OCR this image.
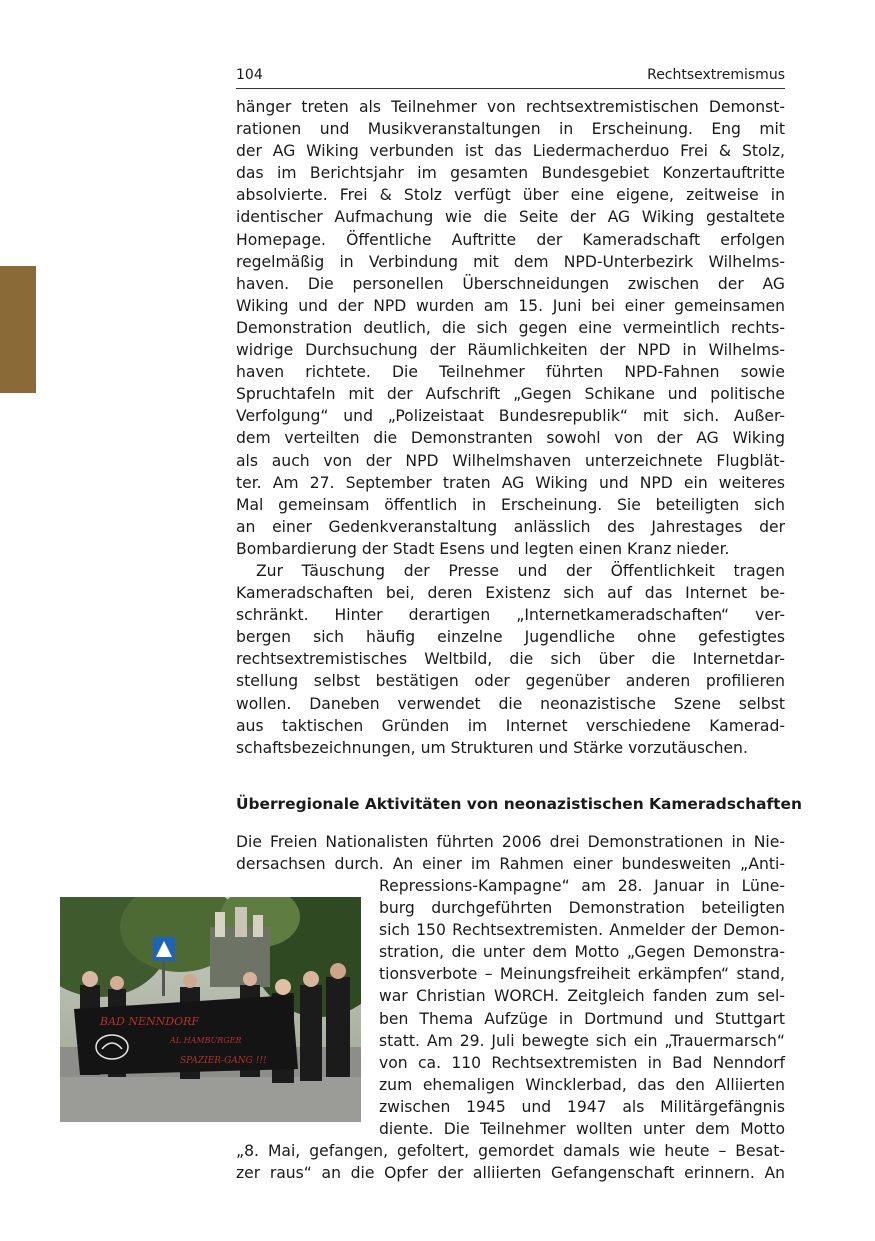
104	Rechtsextremismus
hänger treten als Teilnehmer von rechtsextremistischen Demonst-
rationen und Musikveranstaltungen in Erscheinung. Eng mit
der AG Wiking verbunden ist das Liedermacherduo Frei & Stolz,
das im Berichtsjahr im gesamten Bundesgebiet Konzertauftritte
absolvierte. Frei & Stolz verfügt über eine eigene, zeitweise in
identischer Aufmachung wie die Seite der AG Wiking gestaltete
Homepage. Öffentliche Auftritte der Kameradschaft erfolgen
regelmäßig in Verbindung mit dem NPD-Unterbezirk Wilhelms-
haven. Die personellen Überschneidungen zwischen der AG
Wiking und der NPD wurden am 15. Juni bei einer gemeinsamen
Demonstration deutlich, die sich gegen eine vermeintlich rechts-
widrige Durchsuchung der Räumlichkeiten der NPD in Wilhelms-
haven richtete. Die Teilnehmer führten NPD-Fahnen sowie
Spruchtafeln mit der Aufschrift „Gegen Schikane und politische
Verfolgung“ und „Polizeistaat Bundesrepublik“ mit sich. Außer-
dem verteilten die Demonstranten sowohl von der AG Wiking
als auch von der NPD Wilhelmshaven unterzeichnete Flugblät-
ter. Am 27. September traten AG Wiking und NPD ein weiteres
Mal gemeinsam öffentlich in Erscheinung. Sie beteiligten sich
an einer Gedenkveranstaltung anlässlich des Jahrestages der
Bombardierung der Stadt Esens und legten einen Kranz nieder.
Zur Täuschung der Presse und der Öffentlichkeit tragen
Kameradschaften bei, deren Existenz sich auf das Internet be-
schränkt. Hinter derartigen „Internetkameradschaften“ ver-
bergen sich häufig einzelne Jugendliche ohne gefestigtes
rechtsextremistisches Weltbild, die sich über die Internetdar-
stellung selbst bestätigen oder gegenüber anderen profilieren
wollen. Daneben verwendet die neonazistische Szene selbst
aus taktischen Gründen im Internet verschiedene Kamerad-
schaftsbezeichnungen, um Strukturen und Stärke vorzutäuschen.
Überregionale Aktivitäten von neonazistischen Kameradschaften
Die Freien Nationalisten führten 2006 drei Demonstrationen in Nie-
dersachsen durch. An einer im Rahmen einer bundesweiten „Anti-
BAD NENNDORF
AL HAMBURGER
SPAZIER-GANG !!!
Repressions-Kampagne“ am 28. Januar in Lüne-
burg durchgeführten Demonstration beteiligten
sich 150 Rechtsextremisten. Anmelder der Demon-
stration, die unter dem Motto „Gegen Demonstra-
tionsverbote – Meinungsfreiheit erkämpfen“ stand,
war Christian WORCH. Zeitgleich fanden zum sel-
ben Thema Aufzüge in Dortmund und Stuttgart
statt. Am 29. Juli bewegte sich ein „Trauermarsch“
von ca. 110 Rechtsextremisten in Bad Nenndorf
zum ehemaligen Wincklerbad, das den Alliierten
zwischen 1945 und 1947 als Militärgefängnis
diente. Die Teilnehmer wollten unter dem Motto
„8. Mai, gefangen, gefoltert, gemordet damals wie heute – Besat-
zer raus“ an die Opfer der alliierten Gefangenschaft erinnern. An
